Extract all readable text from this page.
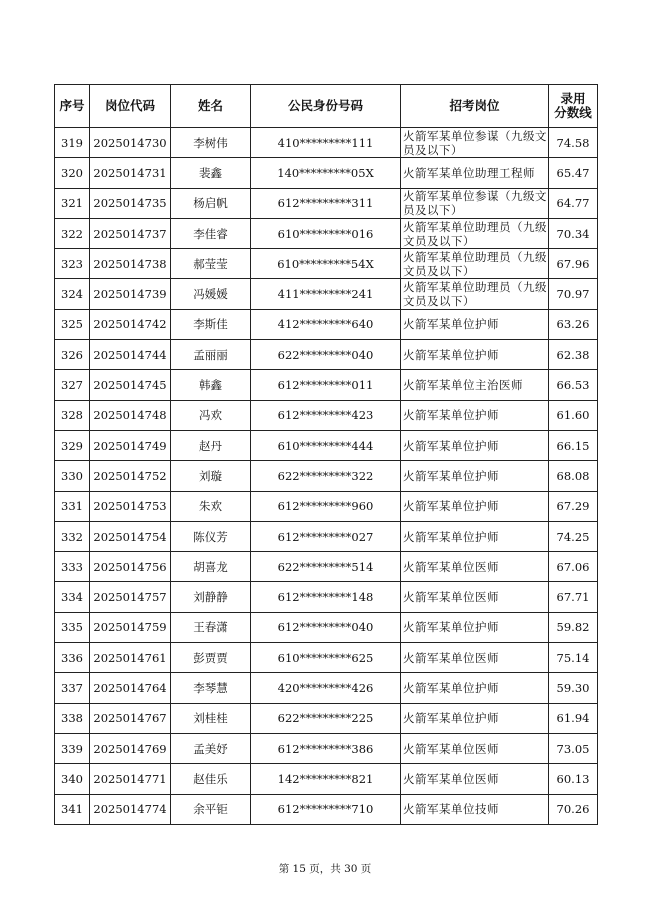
序号	岗位代码	姓名	公民身份号码	招考岗位	录用
分数线
319	2025014730	李树伟	410*********111	火箭军某单位参谋（九级文员及以下）	74.58
320	2025014731	裴鑫	140*********05X	火箭军某单位助理工程师	65.47
321	2025014735	杨启帆	612*********311	火箭军某单位参谋（九级文员及以下）	64.77
322	2025014737	李佳睿	610*********016	火箭军某单位助理员（九级文员及以下）	70.34
323	2025014738	郝莹莹	610*********54X	火箭军某单位助理员（九级文员及以下）	67.96
324	2025014739	冯媛媛	411*********241	火箭军某单位助理员（九级文员及以下）	70.97
325	2025014742	李斯佳	412*********640	火箭军某单位护师	63.26
326	2025014744	孟丽丽	622*********040	火箭军某单位护师	62.38
327	2025014745	韩鑫	612*********011	火箭军某单位主治医师	66.53
328	2025014748	冯欢	612*********423	火箭军某单位护师	61.60
329	2025014749	赵丹	610*********444	火箭军某单位护师	66.15
330	2025014752	刘璇	622*********322	火箭军某单位护师	68.08
331	2025014753	朱欢	612*********960	火箭军某单位护师	67.29
332	2025014754	陈仪芳	612*********027	火箭军某单位护师	74.25
333	2025014756	胡喜龙	622*********514	火箭军某单位医师	67.06
334	2025014757	刘静静	612*********148	火箭军某单位医师	67.71
335	2025014759	王春潇	612*********040	火箭军某单位护师	59.82
336	2025014761	彭贾贾	610*********625	火箭军某单位医师	75.14
337	2025014764	李琴慧	420*********426	火箭军某单位护师	59.30
338	2025014767	刘桂桂	622*********225	火箭军某单位护师	61.94
339	2025014769	孟美妤	612*********386	火箭军某单位医师	73.05
340	2025014771	赵佳乐	142*********821	火箭军某单位医师	60.13
341	2025014774	余平钜	612*********710	火箭军某单位技师	70.26
第 15 页，共 30 页
